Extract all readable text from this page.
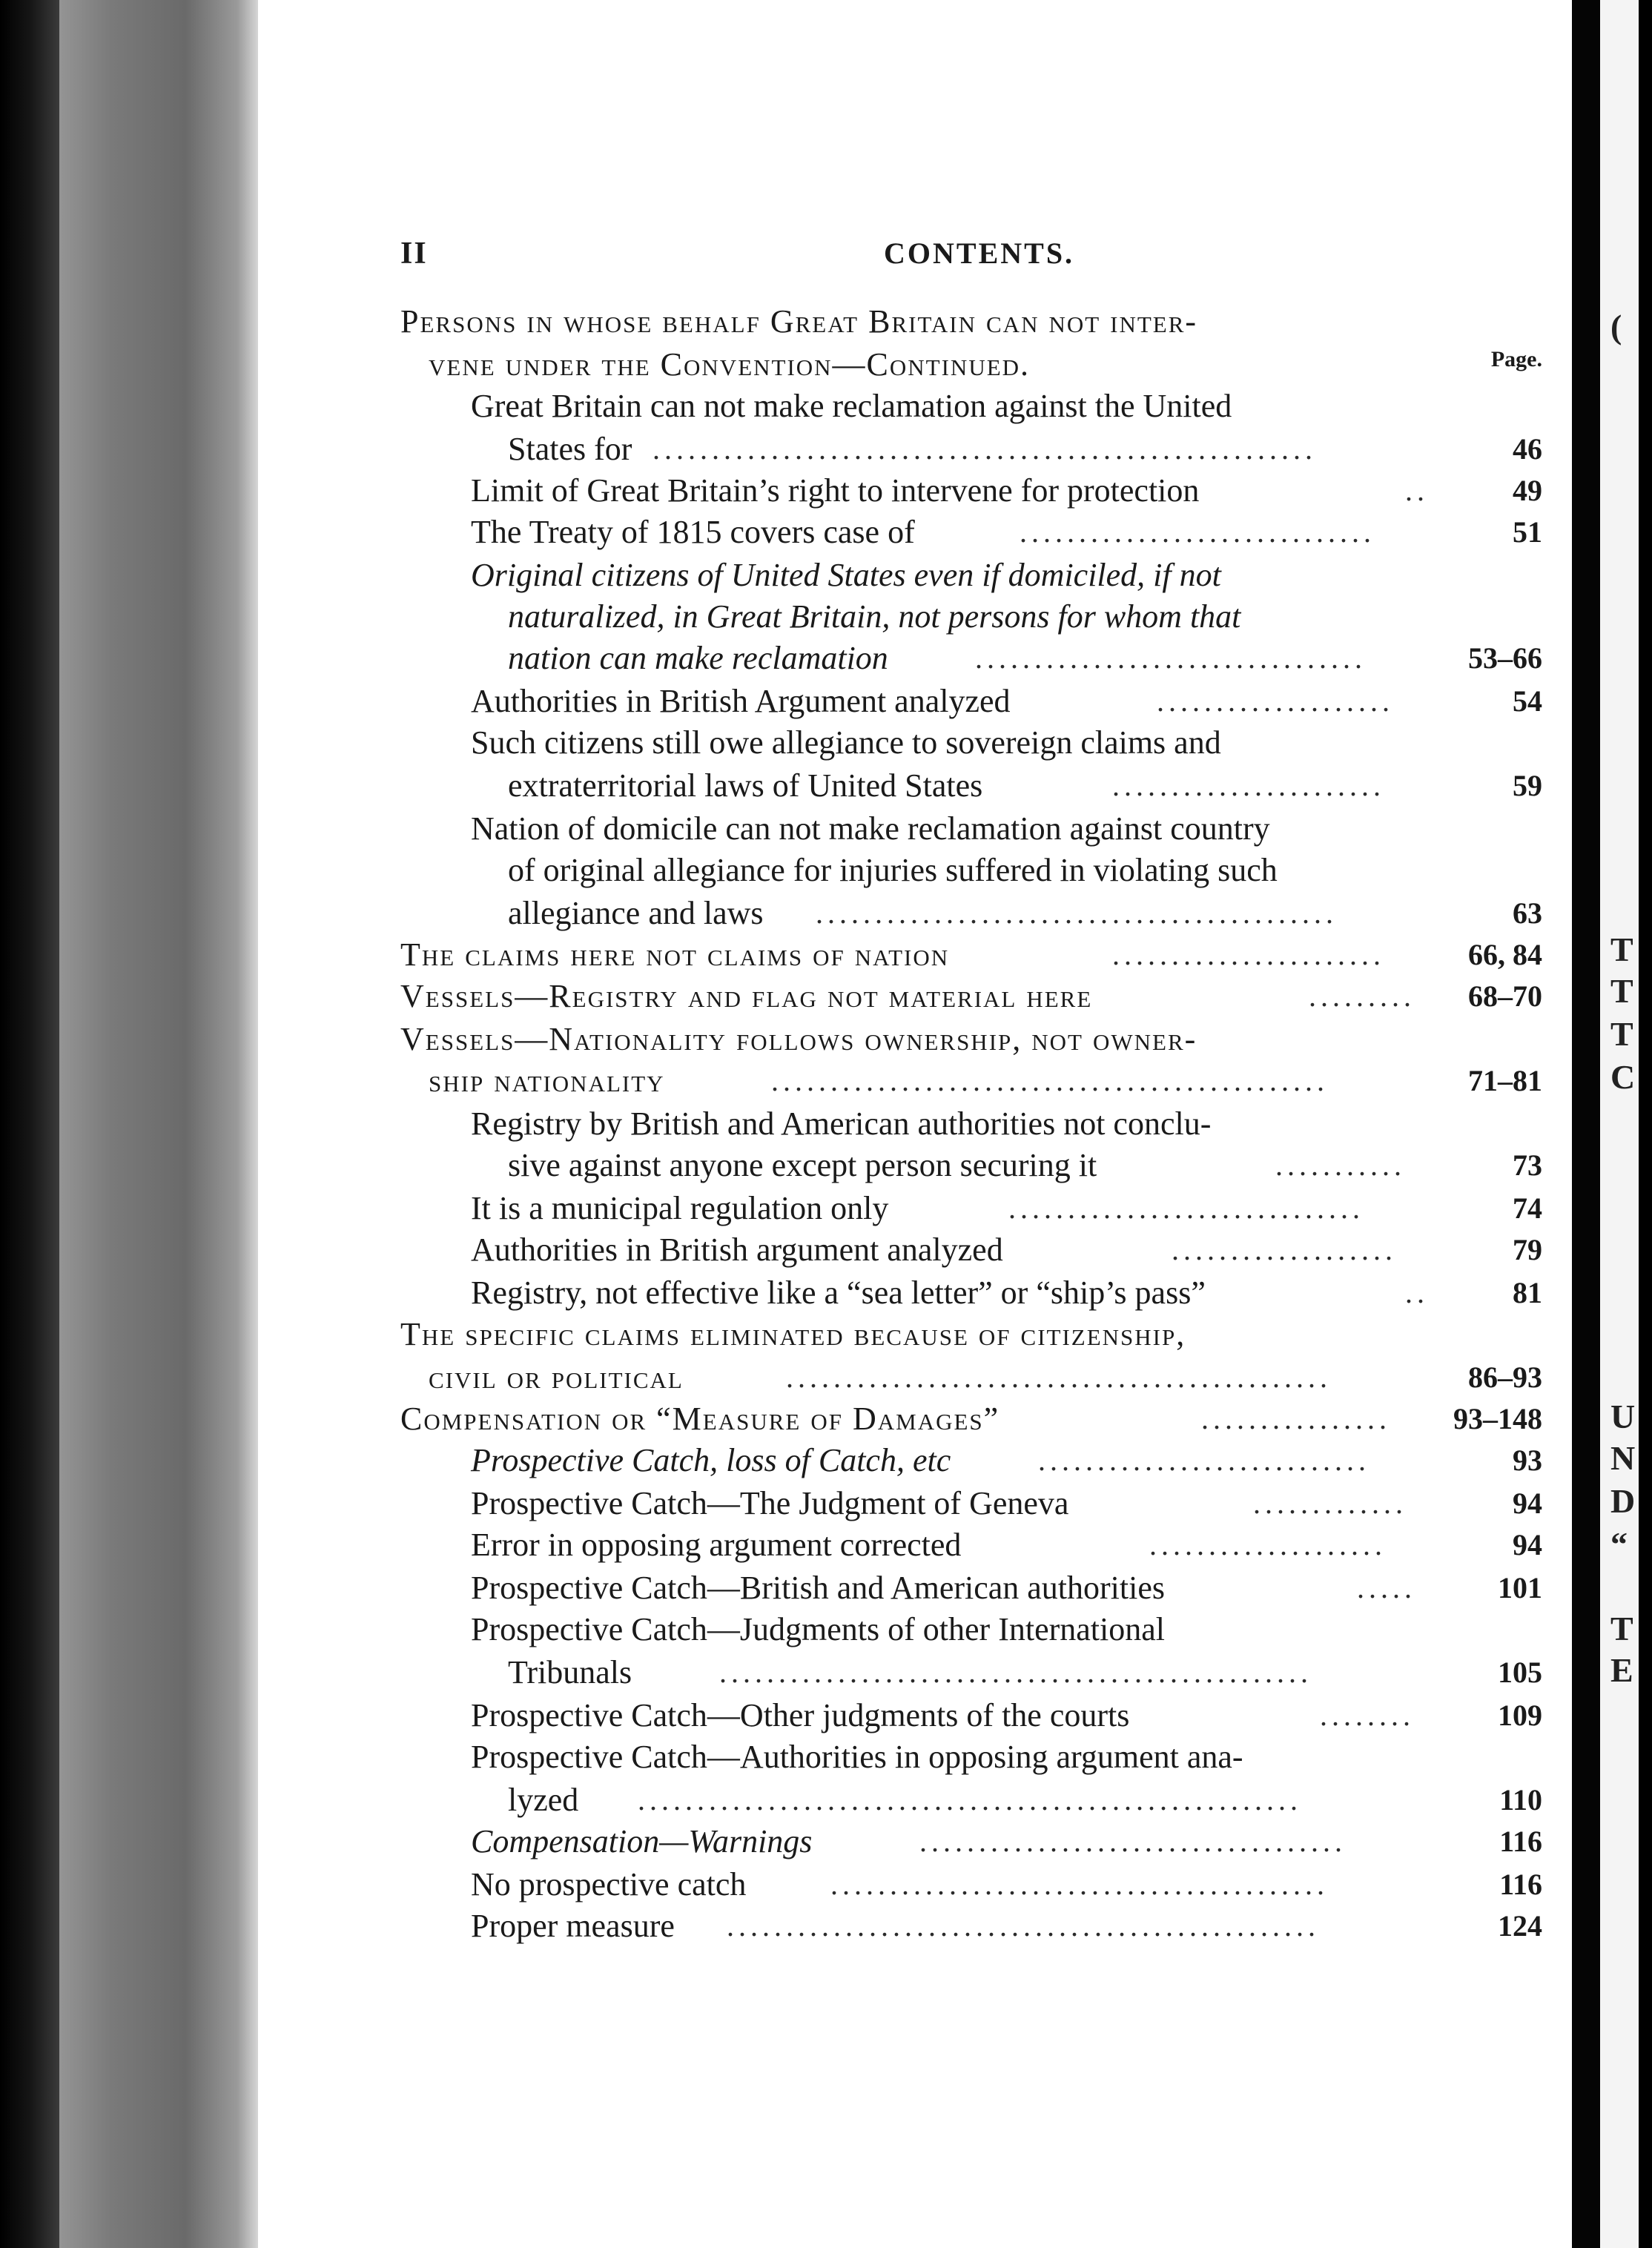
(
T
T
T
C
U
N
D
“
T
E
II	CONTENTS.
Page.
Persons in whose behalf Great Britain can not inter-
vene under the Convention—Continued.
Great Britain can not make reclamation against the United
States for ........................................................	46
Limit of Great Britain’s right to intervene for protection	..	49
The Treaty of 1815 covers case of	..............................	51
Original citizens of United States even if domiciled, if not
naturalized, in Great Britain, not persons for whom that
nation can make reclamation	.................................	53–66
Authorities in British Argument analyzed	....................	54
Such citizens still owe allegiance to sovereign claims and
extraterritorial laws of United States	.......................	59
Nation of domicile can not make reclamation against country
of original allegiance for injuries suffered in violating such
allegiance and laws ............................................	63
The claims here not claims of nation	.......................	66, 84
Vessels—Registry and flag not material here	.........	68–70
Vessels—Nationality follows ownership, not owner-
ship nationality	...............................................	71–81
Registry by British and American authorities not conclu-
sive against anyone except person securing it	...........	73
It is a municipal regulation only	..............................	74
Authorities in British argument analyzed	...................	79
Registry, not effective like a “sea letter” or “ship’s pass”	..	81
The specific claims eliminated because of citizenship,
civil or political	..............................................	86–93
Compensation or “Measure of Damages”	................	93–148
Prospective Catch, loss of Catch, etc	............................	93
Prospective Catch—The Judgment of Geneva	.............	94
Error in opposing argument corrected	....................	94
Prospective Catch—British and American authorities	.....	101
Prospective Catch—Judgments of other International
Tribunals	..................................................	105
Prospective Catch—Other judgments of the courts	........	109
Prospective Catch—Authorities in opposing argument ana-
lyzed ........................................................	110
Compensation—Warnings	....................................	116
No prospective catch	..........................................	116
Proper measure ..................................................	124
